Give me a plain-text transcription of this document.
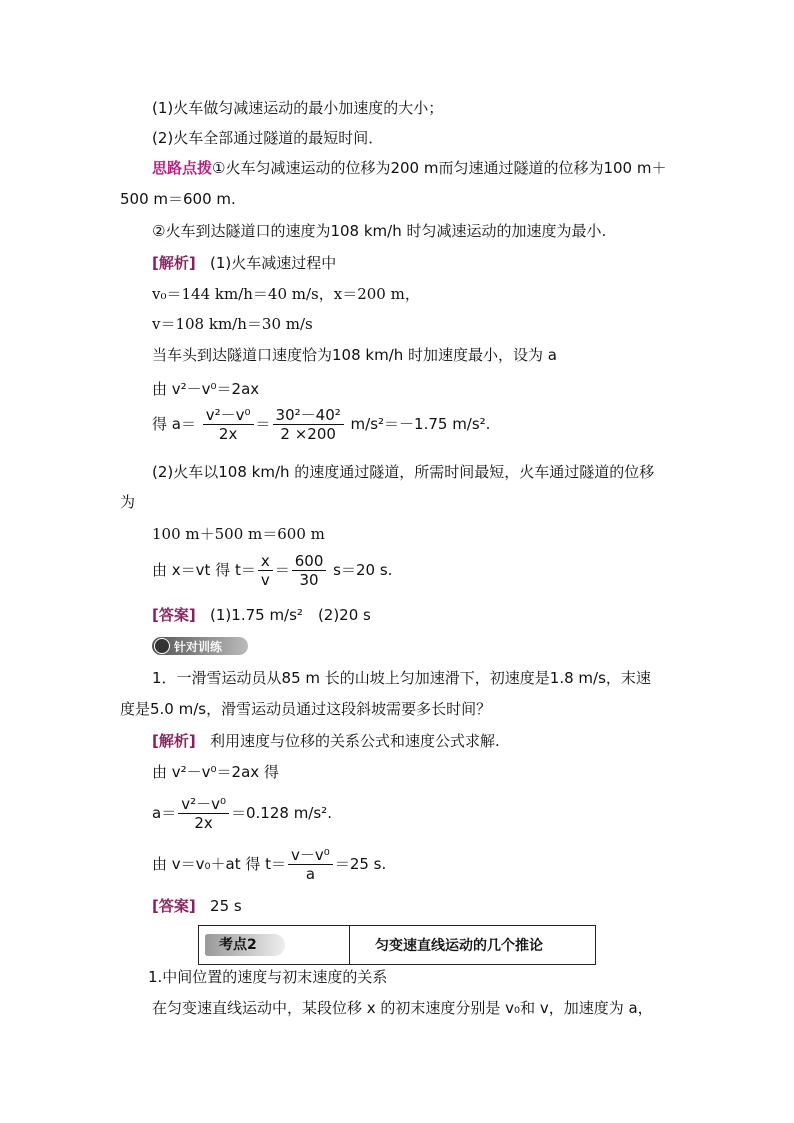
(1)火车做匀减速运动的最小加速度的大小；
(2)火车全部通过隧道的最短时间．
思路点拨①火车匀减速运动的位移为200 m而匀速通过隧道的位移为100 m＋
500 m＝600 m.
②火车到达隧道口的速度为108 km/h 时匀减速运动的加速度为最小.
[解析] (1)火车减速过程中
v₀＝144 km/h＝40 m/s，x＝200 m，
v＝108 km/h＝30 m/s
当车头到达隧道口速度恰为108 km/h 时加速度最小，设为 a
由 v²－v⁰＝2ax
得 $a= \frac{\text{v²－v⁰}}{2x} = \frac{\text{30²－40²}}{2 \times 200} m/s^2=-1.75$ m/s².
(2)火车以108 km/h 的速度通过隧道，所需时间最短，火车通过隧道的位移
为
100 m＋500 m＝600 m
由 x＝vt 得 $t= \frac{x}{v} = \frac{600}{30} s=20$ s.
[答案] (1)1.75 m/s²　(2)20 s
针对训练
1．一滑雪运动员从85 m 长的山坡上匀加速滑下，初速度是1.8 m/s，末速
度是5.0 m/s，滑雪运动员通过这段斜坡需要多长时间？
[解析] 利用速度与位移的关系公式和速度公式求解.
由 v²－v⁰＝2ax 得
$a= \frac{\text{v²－v⁰}}{2x} =0.128$ m/s².
由 v＝v₀＋at 得 $t= \frac{\text{v－v⁰}}{a} =25$ s.
[答案] 25 s
考点2	匀变速直线运动的几个推论
1.中间位置的速度与初末速度的关系
在匀变速直线运动中，某段位移 x 的初末速度分别是 v₀和 v，加速度为 a，
